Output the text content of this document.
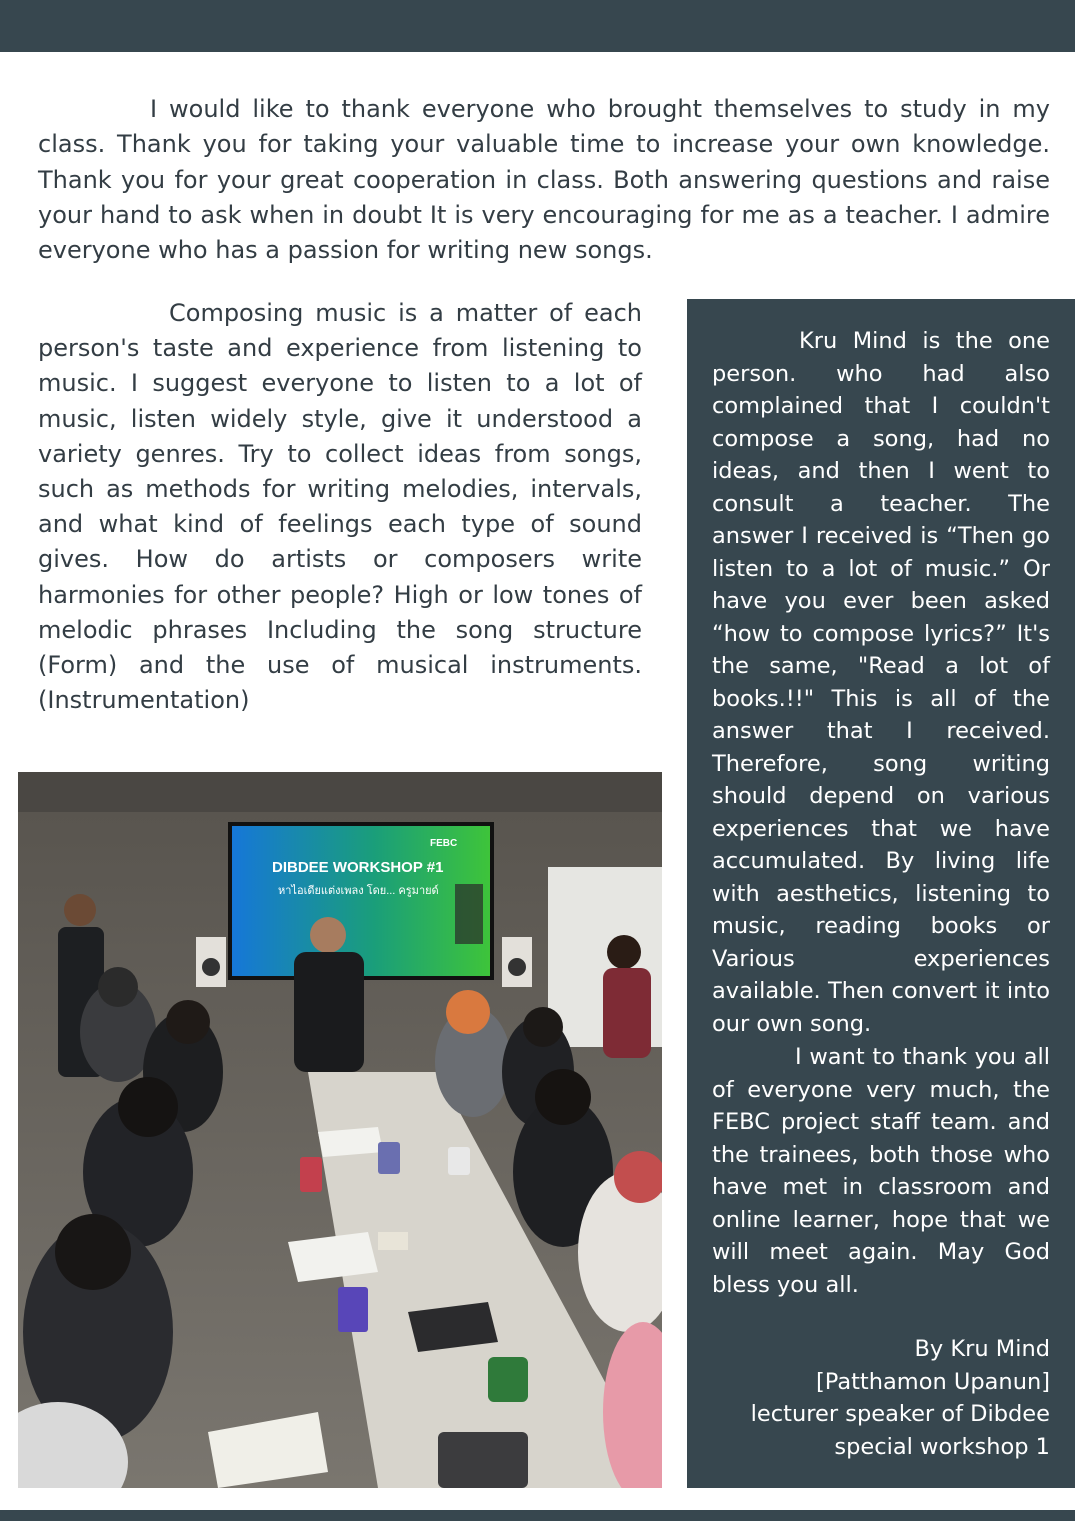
I would like to thank everyone who brought themselves to study in my class. Thank you for taking your valuable time to increase your own knowledge. Thank you for your great cooperation in class. Both answering questions and raise your hand to ask when in doubt It is very encouraging for me as a teacher. I admire everyone who has a passion for writing new songs.

Composing music is a matter of each person's taste and experience from listening to music. I suggest everyone to listen to a lot of music, listen widely style, give it understood a variety genres. Try to collect ideas from songs, such as methods for writing melodies, intervals, and what kind of feelings each type of sound gives. How do artists or composers write harmonies for other people? High or low tones of melodic phrases Including the song structure (Form) and the use of musical instruments. (Instrumentation)

DIBDEE WORKSHOP #1
หาไอเดียแต่งเพลง โดย... ครูมายด์
FEBC

Kru Mind is the one person. who had also complained that I couldn't compose a song, had no ideas, and then I went to consult a teacher. The answer I received is “Then go listen to a lot of music.” Or have you ever been asked “how to compose lyrics?” It's the same, "Read a lot of books.!!" This is all of the answer that I received. Therefore, song writing should depend on various experiences that we have accumulated. By living life with aesthetics, listening to music, reading books or Various experiences available. Then convert it into our own song.

I want to thank you all of everyone very much, the FEBC project staff team. and the trainees, both those who have met in classroom and online learner, hope that we will meet again. May God bless you all.

By Kru Mind
[Patthamon Upanun]
lecturer speaker of Dibdee
special workshop 1
